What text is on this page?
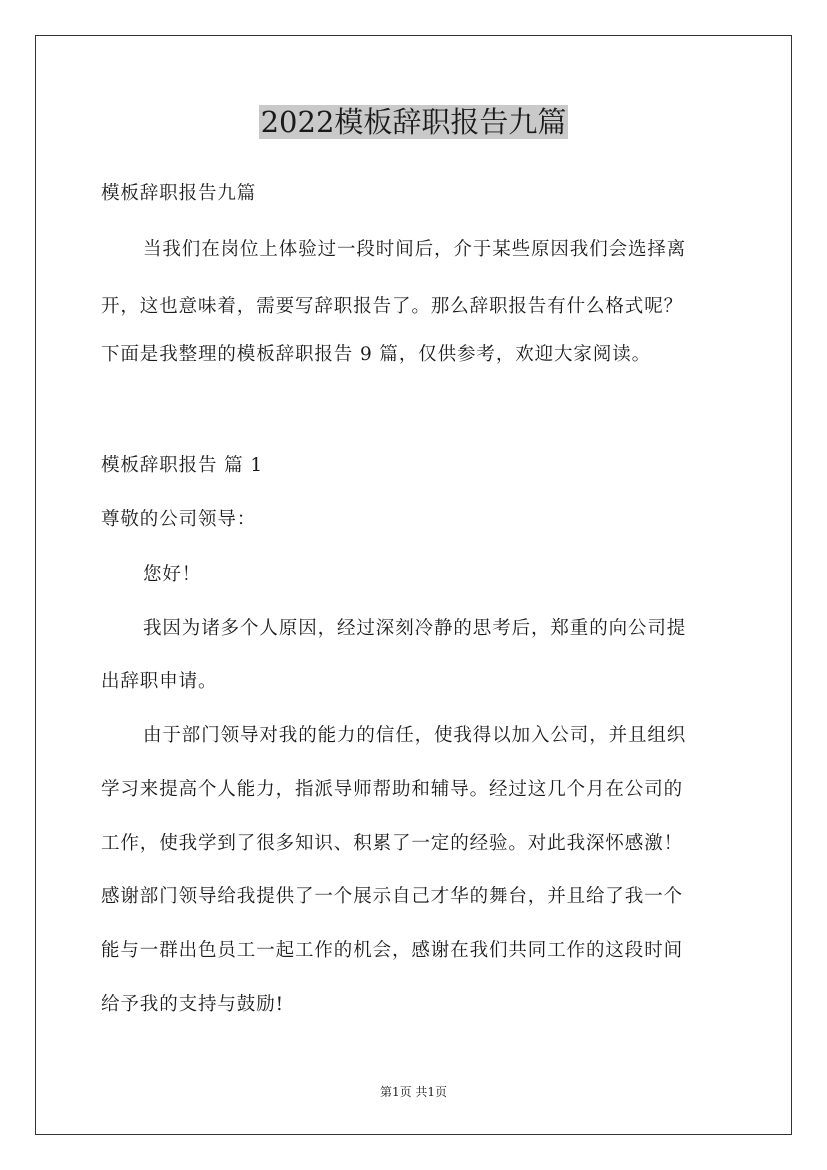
2022模板辞职报告九篇
模板辞职报告九篇
当我们在岗位上体验过一段时间后，介于某些原因我们会选择离
开，这也意味着，需要写辞职报告了。那么辞职报告有什么格式呢？
下面是我整理的模板辞职报告 9 篇，仅供参考，欢迎大家阅读。
模板辞职报告 篇 1
尊敬的公司领导：
您好！
我因为诸多个人原因，经过深刻冷静的思考后，郑重的向公司提
出辞职申请。
由于部门领导对我的能力的信任，使我得以加入公司，并且组织
学习来提高个人能力，指派导师帮助和辅导。经过这几个月在公司的
工作，使我学到了很多知识、积累了一定的经验。对此我深怀感激！
感谢部门领导给我提供了一个展示自己才华的舞台，并且给了我一个
能与一群出色员工一起工作的机会，感谢在我们共同工作的这段时间
给予我的支持与鼓励!
第1页 共1页
